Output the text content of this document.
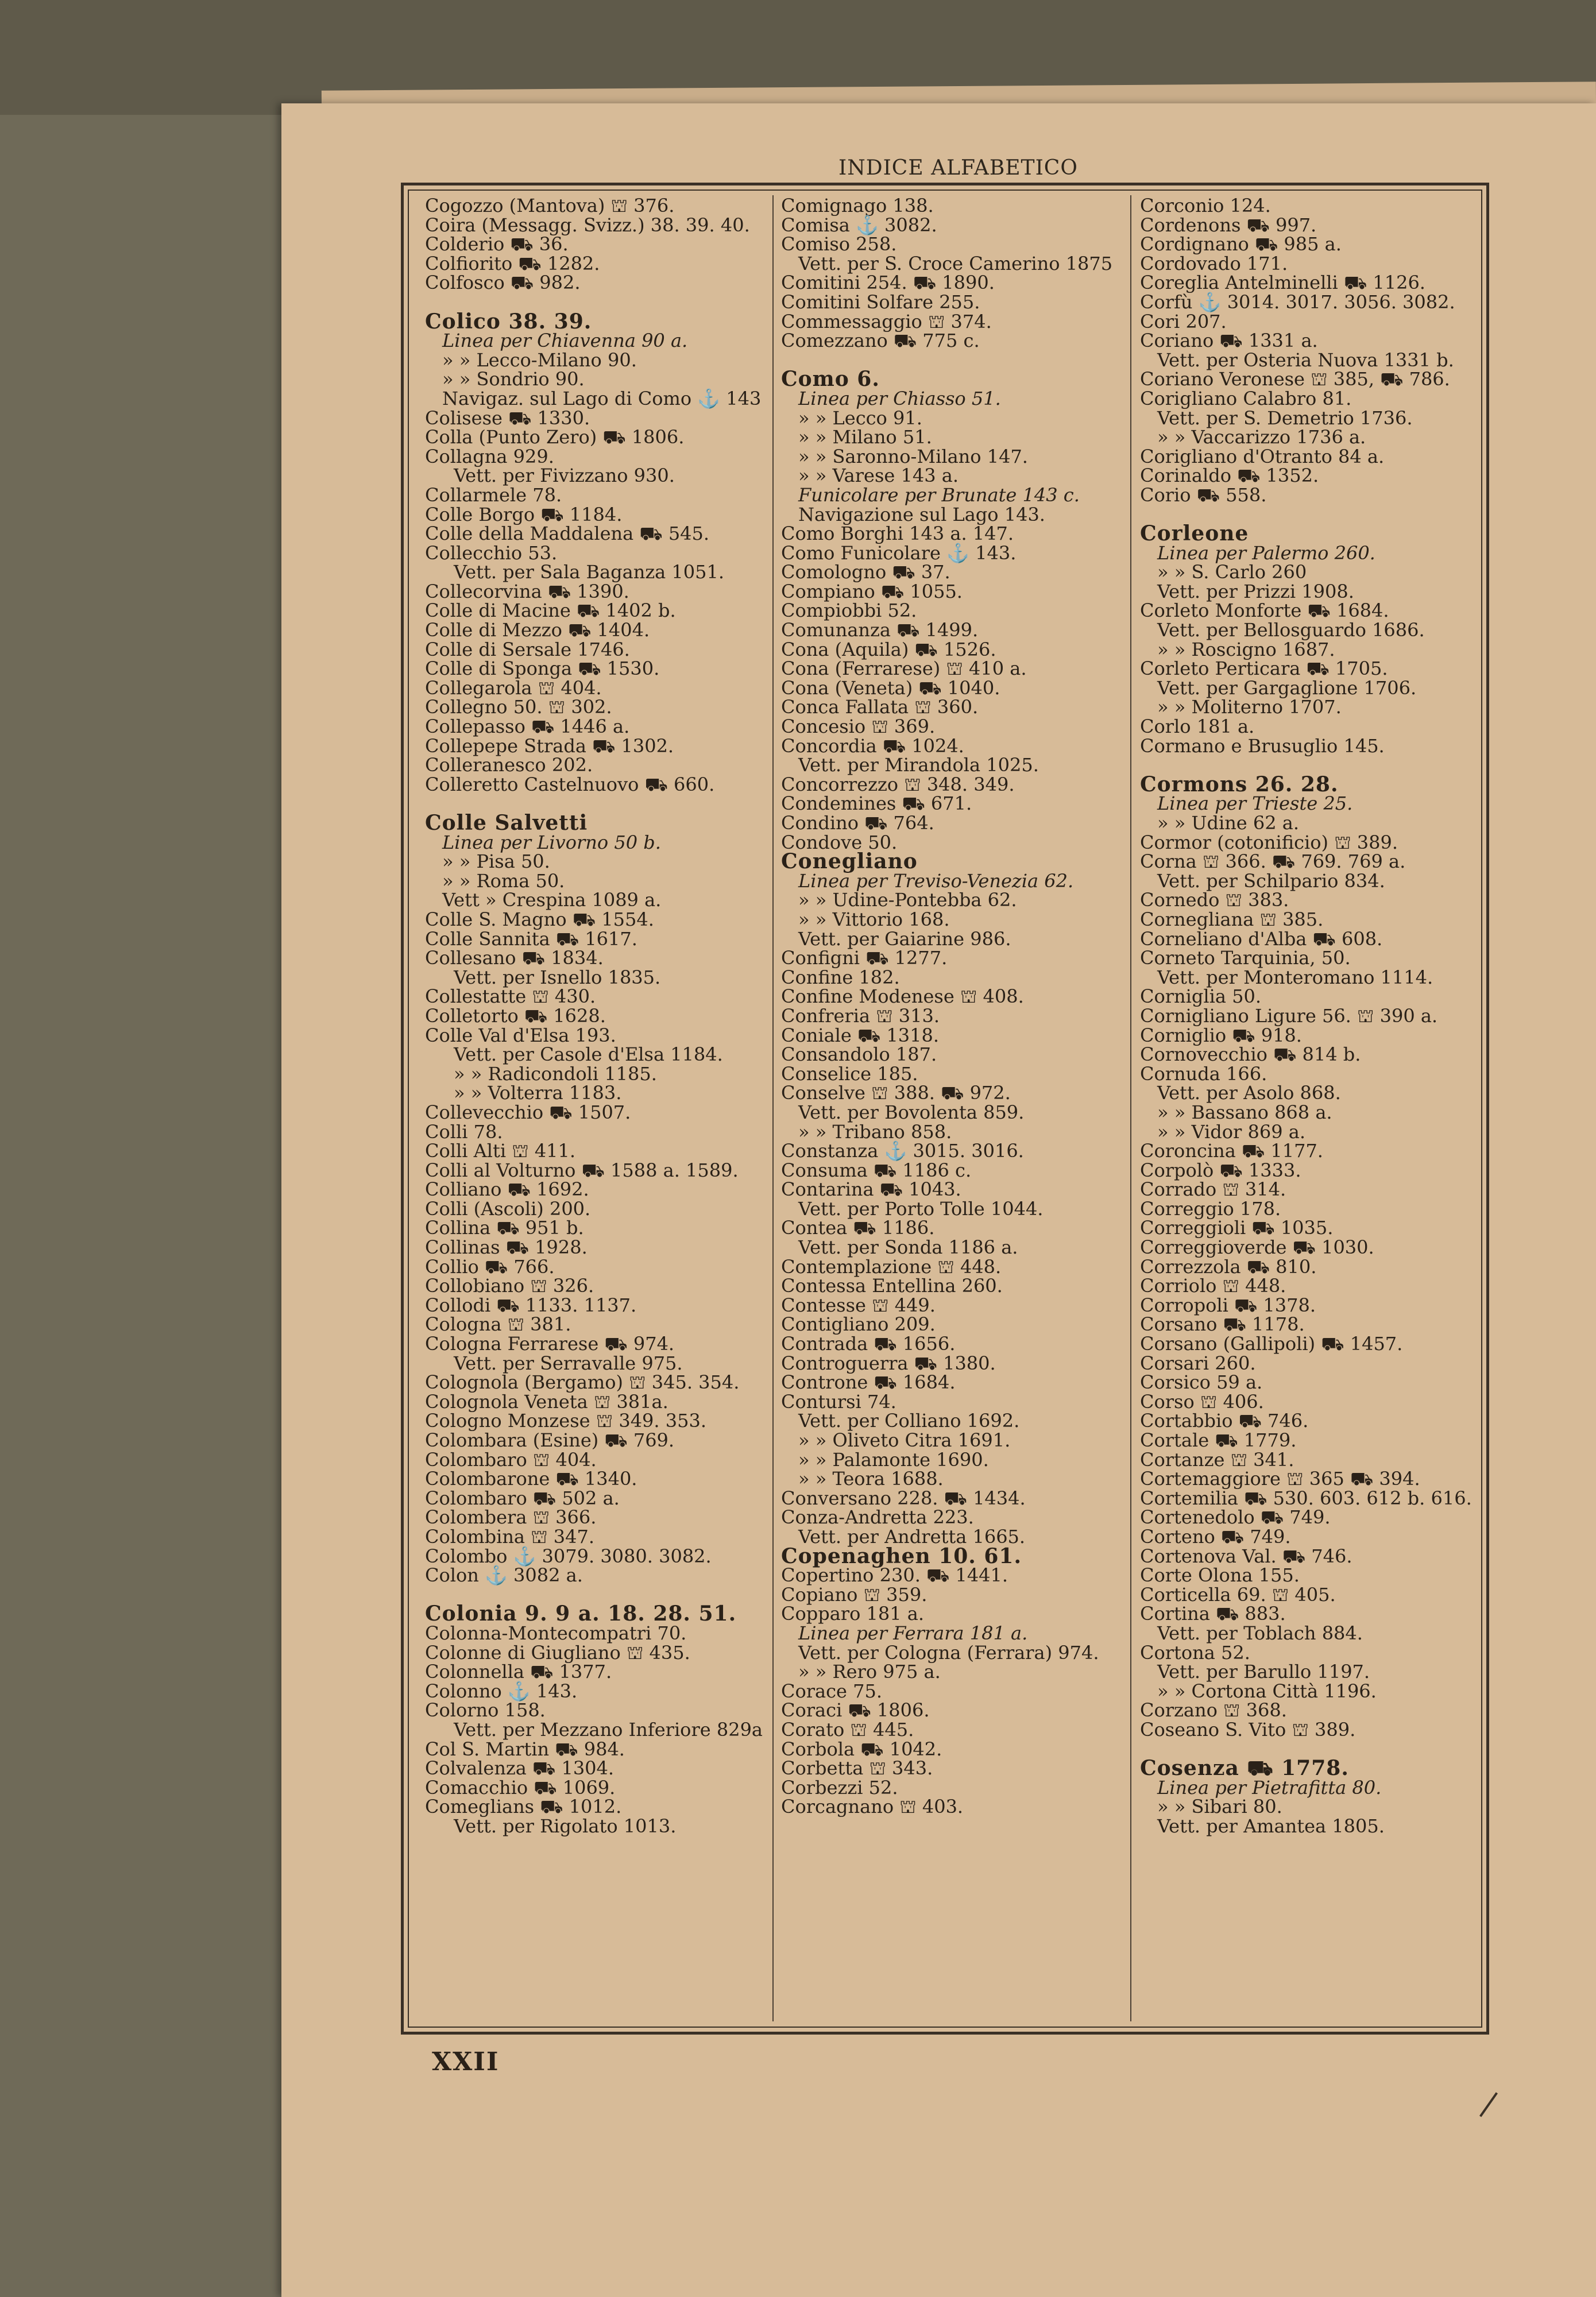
INDICE ALFABETICO
Cogozzo (Mantova) ⛫ 376.
Coira (Messagg. Svizz.) 38. 39. 40.
Colderio ⛟ 36.
Colfiorito ⛟ 1282.
Colfosco ⛟ 982.
Colico 38. 39.
Linea per Chiavenna 90 a.
» » Lecco-Milano 90.
» » Sondrio 90.
Navigaz. sul Lago di Como ⚓ 143
Colisese ⛟ 1330.
Colla (Punto Zero) ⛟ 1806.
Collagna 929.
Vett. per Fivizzano 930.
Collarmele 78.
Colle Borgo ⛟ 1184.
Colle della Maddalena ⛟ 545.
Collecchio 53.
Vett. per Sala Baganza 1051.
Collecorvina ⛟ 1390.
Colle di Macine ⛟ 1402 b.
Colle di Mezzo ⛟ 1404.
Colle di Sersale 1746.
Colle di Sponga ⛟ 1530.
Collegarola ⛫ 404.
Collegno 50. ⛫ 302.
Collepasso ⛟ 1446 a.
Collepepe Strada ⛟ 1302.
Colleranesco 202.
Colleretto Castelnuovo ⛟ 660.
Colle Salvetti
Linea per Livorno 50 b.
» » Pisa 50.
» » Roma 50.
Vett » Crespina 1089 a.
Colle S. Magno ⛟ 1554.
Colle Sannita ⛟ 1617.
Collesano ⛟ 1834.
Vett. per Isnello 1835.
Collestatte ⛫ 430.
Colletorto ⛟ 1628.
Colle Val d'Elsa 193.
Vett. per Casole d'Elsa 1184.
» » Radicondoli 1185.
» » Volterra 1183.
Collevecchio ⛟ 1507.
Colli 78.
Colli Alti ⛫ 411.
Colli al Volturno ⛟ 1588 a. 1589.
Colliano ⛟ 1692.
Colli (Ascoli) 200.
Collina ⛟ 951 b.
Collinas ⛟ 1928.
Collio ⛟ 766.
Collobiano ⛫ 326.
Collodi ⛟ 1133. 1137.
Cologna ⛫ 381.
Cologna Ferrarese ⛟ 974.
Vett. per Serravalle 975.
Colognola (Bergamo) ⛫ 345. 354.
Colognola Veneta ⛫ 381a.
Cologno Monzese ⛫ 349. 353.
Colombara (Esine) ⛟ 769.
Colombaro ⛫ 404.
Colombarone ⛟ 1340.
Colombaro ⛟ 502 a.
Colombera ⛫ 366.
Colombina ⛫ 347.
Colombo ⚓ 3079. 3080. 3082.
Colon ⚓ 3082 a.
Colonia 9. 9 a. 18. 28. 51.
Colonna-Montecompatri 70.
Colonne di Giugliano ⛫ 435.
Colonnella ⛟ 1377.
Colonno ⚓ 143.
Colorno 158.
Vett. per Mezzano Inferiore 829a
Col S. Martin ⛟ 984.
Colvalenza ⛟ 1304.
Comacchio ⛟ 1069.
Comeglians ⛟ 1012.
Vett. per Rigolato 1013.
Comignago 138.
Comisa ⚓ 3082.
Comiso 258.
Vett. per S. Croce Camerino 1875
Comitini 254. ⛟ 1890.
Comitini Solfare 255.
Commessaggio ⛫ 374.
Comezzano ⛟ 775 c.
Como 6.
Linea per Chiasso 51.
» » Lecco 91.
» » Milano 51.
» » Saronno-Milano 147.
» » Varese 143 a.
Funicolare per Brunate 143 c.
Navigazione sul Lago 143.
Como Borghi 143 a. 147.
Como Funicolare ⚓ 143.
Comologno ⛟ 37.
Compiano ⛟ 1055.
Compiobbi 52.
Comunanza ⛟ 1499.
Cona (Aquila) ⛟ 1526.
Cona (Ferrarese) ⛫ 410 a.
Cona (Veneta) ⛟ 1040.
Conca Fallata ⛫ 360.
Concesio ⛫ 369.
Concordia ⛟ 1024.
Vett. per Mirandola 1025.
Concorrezzo ⛫ 348. 349.
Condemines ⛟ 671.
Condino ⛟ 764.
Condove 50.
Conegliano
Linea per Treviso-Venezia 62.
» » Udine-Pontebba 62.
» » Vittorio 168.
Vett. per Gaiarine 986.
Configni ⛟ 1277.
Confine 182.
Confine Modenese ⛫ 408.
Confreria ⛫ 313.
Coniale ⛟ 1318.
Consandolo 187.
Conselice 185.
Conselve ⛫ 388. ⛟ 972.
Vett. per Bovolenta 859.
» » Tribano 858.
Constanza ⚓ 3015. 3016.
Consuma ⛟ 1186 c.
Contarina ⛟ 1043.
Vett. per Porto Tolle 1044.
Contea ⛟ 1186.
Vett. per Sonda 1186 a.
Contemplazione ⛫ 448.
Contessa Entellina 260.
Contesse ⛫ 449.
Contigliano 209.
Contrada ⛟ 1656.
Controguerra ⛟ 1380.
Controne ⛟ 1684.
Contursi 74.
Vett. per Colliano 1692.
» » Oliveto Citra 1691.
» » Palamonte 1690.
» » Teora 1688.
Conversano 228. ⛟ 1434.
Conza-Andretta 223.
Vett. per Andretta 1665.
Copenaghen 10. 61.
Copertino 230. ⛟ 1441.
Copiano ⛫ 359.
Copparo 181 a.
Linea per Ferrara 181 a.
Vett. per Cologna (Ferrara) 974.
» » Rero 975 a.
Corace 75.
Coraci ⛟ 1806.
Corato ⛫ 445.
Corbola ⛟ 1042.
Corbetta ⛫ 343.
Corbezzi 52.
Corcagnano ⛫ 403.
Corconio 124.
Cordenons ⛟ 997.
Cordignano ⛟ 985 a.
Cordovado 171.
Coreglia Antelminelli ⛟ 1126.
Corfù ⚓ 3014. 3017. 3056. 3082.
Cori 207.
Coriano ⛟ 1331 a.
Vett. per Osteria Nuova 1331 b.
Coriano Veronese ⛫ 385, ⛟ 786.
Corigliano Calabro 81.
Vett. per S. Demetrio 1736.
» » Vaccarizzo 1736 a.
Corigliano d'Otranto 84 a.
Corinaldo ⛟ 1352.
Corio ⛟ 558.
Corleone
Linea per Palermo 260.
» » S. Carlo 260
Vett. per Prizzi 1908.
Corleto Monforte ⛟ 1684.
Vett. per Bellosguardo 1686.
» » Roscigno 1687.
Corleto Perticara ⛟ 1705.
Vett. per Gargaglione 1706.
» » Moliterno 1707.
Corlo 181 a.
Cormano e Brusuglio 145.
Cormons 26. 28.
Linea per Trieste 25.
» » Udine 62 a.
Cormor (cotonificio) ⛫ 389.
Corna ⛫ 366. ⛟ 769. 769 a.
Vett. per Schilpario 834.
Cornedo ⛫ 383.
Cornegliana ⛫ 385.
Corneliano d'Alba ⛟ 608.
Corneto Tarquinia, 50.
Vett. per Monteromano 1114.
Corniglia 50.
Cornigliano Ligure 56. ⛫ 390 a.
Corniglio ⛟ 918.
Cornovecchio ⛟ 814 b.
Cornuda 166.
Vett. per Asolo 868.
» » Bassano 868 a.
» » Vidor 869 a.
Coroncina ⛟ 1177.
Corpolò ⛟ 1333.
Corrado ⛫ 314.
Correggio 178.
Correggioli ⛟ 1035.
Correggioverde ⛟ 1030.
Correzzola ⛟ 810.
Corriolo ⛫ 448.
Corropoli ⛟ 1378.
Corsano ⛟ 1178.
Corsano (Gallipoli) ⛟ 1457.
Corsari 260.
Corsico 59 a.
Corso ⛫ 406.
Cortabbio ⛟ 746.
Cortale ⛟ 1779.
Cortanze ⛫ 341.
Cortemaggiore ⛫ 365 ⛟ 394.
Cortemilia ⛟ 530. 603. 612 b. 616.
Cortenedolo ⛟ 749.
Corteno ⛟ 749.
Cortenova Val. ⛟ 746.
Corte Olona 155.
Corticella 69. ⛫ 405.
Cortina ⛟ 883.
Vett. per Toblach 884.
Cortona 52.
Vett. per Barullo 1197.
» » Cortona Città 1196.
Corzano ⛫ 368.
Coseano S. Vito ⛫ 389.
Cosenza ⛟ 1778.
Linea per Pietrafitta 80.
» » Sibari 80.
Vett. per Amantea 1805.
XXII
